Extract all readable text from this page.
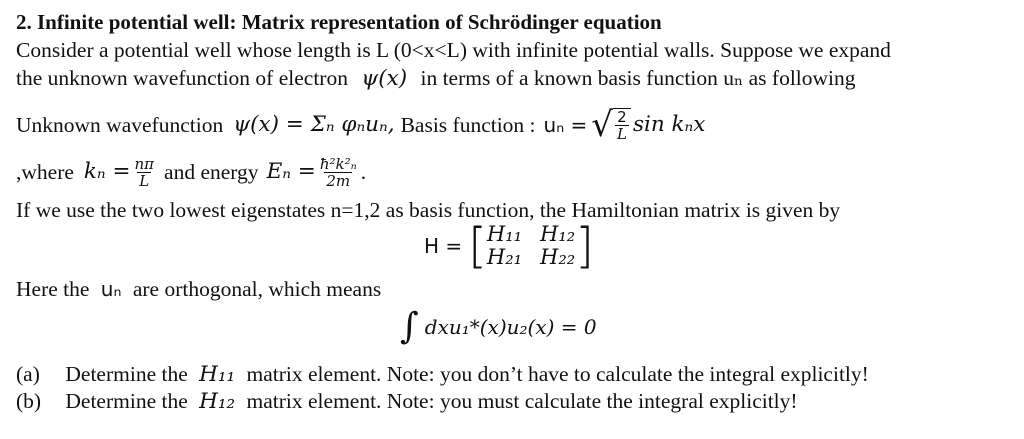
2. Infinite potential well: Matrix representation of Schrödinger equation
Consider a potential well whose length is L (0<x<L) with infinite potential walls. Suppose we expand
the unknown wavefunction of electron ψ(x) in terms of a known basis function uₙ as following
Unknown wavefunction ψ(x) = Σₙ φₙuₙ, Basis function : uₙ = √ $\frac{2}{L}$ sin kₙx
,where $k_n = \frac{n\pi}{L}$ and energy $E_n = \frac{\text{ħ²k²ₙ}}{2m}$ .
If we use the two lowest eigenstates n=1,2 as basis function, the Hamiltonian matrix is given by
H = [ H₁₁ H₁₂
H₂₁ H₂₂ ]
Here the uₙ are orthogonal, which means
∫ dxu₁*(x)u₂(x) = 0
(a) Determine the H₁₁ matrix element. Note: you don’t have to calculate the integral explicitly!
(b) Determine the H₁₂ matrix element. Note: you must calculate the integral explicitly!
